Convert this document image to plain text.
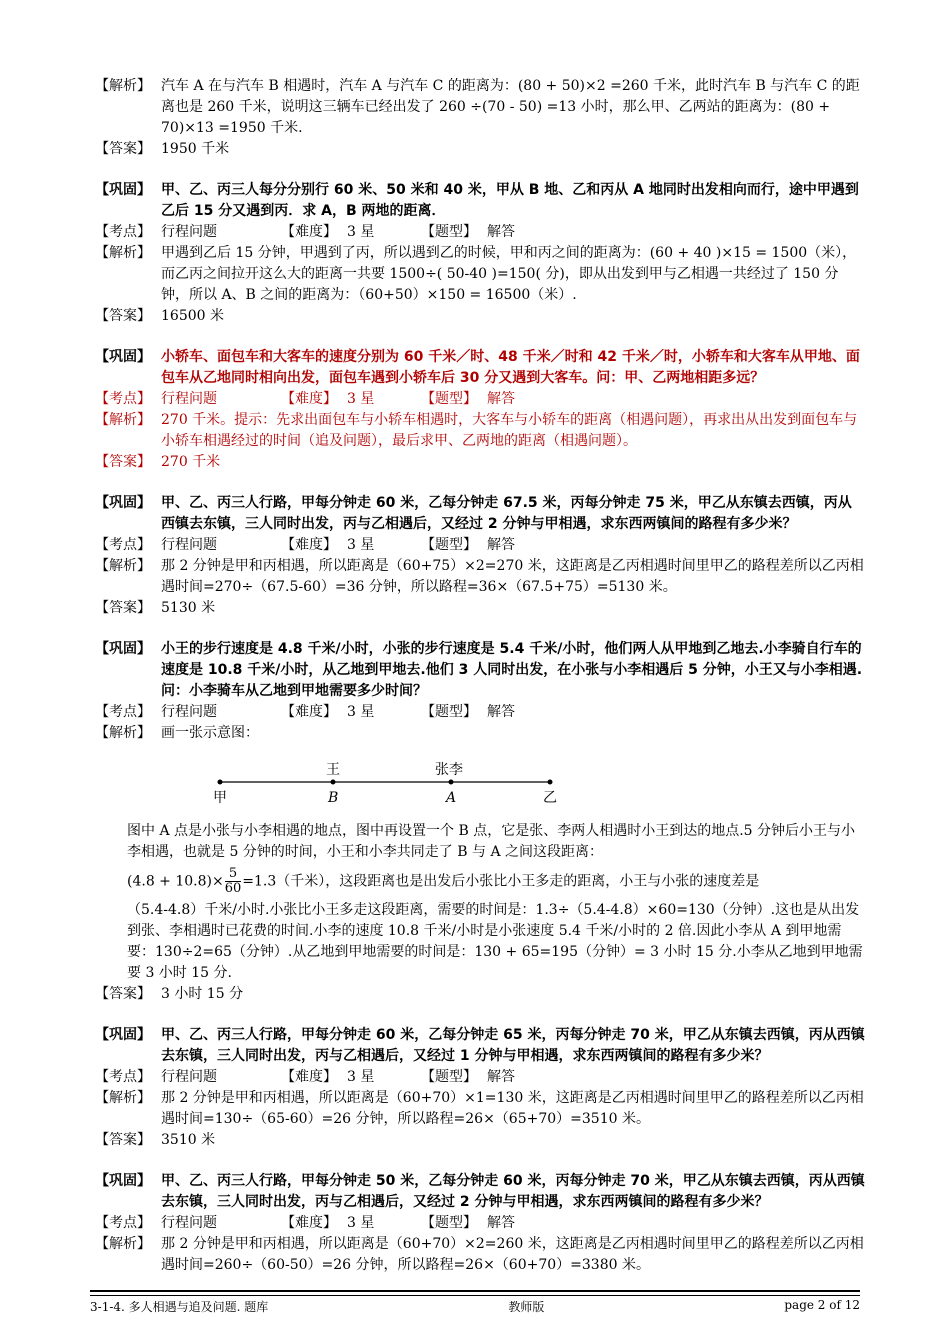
【解析】 汽车 A 在与汽车 B 相遇时，汽车 A 与汽车 C 的距离为：(80 + 50)×2 =260 千米，此时汽车 B 与汽车 C 的距离也是 260 千米，说明这三辆车已经出发了 260 ÷(70 - 50) =13 小时，那么甲、乙两站的距离为：(80 + 70)×13 =1950 千米.
【答案】 1950 千米
【巩固】 甲、乙、丙三人每分分别行 60 米、50 米和 40 米，甲从 B 地、乙和丙从 A 地同时出发相向而行，途中甲遇到乙后 15 分又遇到丙．求 A，B 两地的距离．
【考点】 行程问题	【难度】 3 星	【题型】 解答
【解析】 甲遇到乙后 15 分钟，甲遇到了丙，所以遇到乙的时候，甲和丙之间的距离为：(60 + 40 )×15 = 1500（米），而乙丙之间拉开这么大的距离一共要 1500÷( 50-40 )=150( 分)，即从出发到甲与乙相遇一共经过了 150 分钟，所以 A、B 之间的距离为：（60+50）×150 = 16500（米）.
【答案】 16500 米
【巩固】 小轿车、面包车和大客车的速度分别为 60 千米／时、48 千米／时和 42 千米／时，小轿车和大客车从甲地、面包车从乙地同时相向出发，面包车遇到小轿车后 30 分又遇到大客车。问：甲、乙两地相距多远？
【考点】 行程问题	【难度】 3 星	【题型】 解答
【解析】 270 千米。提示：先求出面包车与小轿车相遇时，大客车与小轿车的距离（相遇问题），再求出从出发到面包车与小轿车相遇经过的时间（追及问题），最后求甲、乙两地的距离（相遇问题）。
【答案】 270 千米
【巩固】 甲、乙、丙三人行路，甲每分钟走 60 米，乙每分钟走 67.5 米，丙每分钟走 75 米，甲乙从东镇去西镇，丙从西镇去东镇，三人同时出发，丙与乙相遇后，又经过 2 分钟与甲相遇，求东西两镇间的路程有多少米？
【考点】 行程问题	【难度】 3 星	【题型】 解答
【解析】 那 2 分钟是甲和丙相遇，所以距离是（60+75）×2=270 米，这距离是乙丙相遇时间里甲乙的路程差所以乙丙相遇时间=270÷（67.5-60）=36 分钟，所以路程=36×（67.5+75）=5130 米。
【答案】 5130 米
【巩固】 小王的步行速度是 4.8 千米/小时，小张的步行速度是 5.4 千米/小时，他们两人从甲地到乙地去.小李骑自行车的速度是 10.8 千米/小时，从乙地到甲地去.他们 3 人同时出发，在小张与小李相遇后 5 分钟，小王又与小李相遇.问：小李骑车从乙地到甲地需要多少时间？
【考点】 行程问题	【难度】 3 星	【题型】 解答
【解析】 画一张示意图：
王	张李
甲	B	A	乙
图中 A 点是小张与小李相遇的地点，图中再设置一个 B 点，它是张、李两人相遇时小王到达的地点.5 分钟后小王与小李相遇，也就是 5 分钟的时间，小王和小李共同走了 B 与 A 之间这段距离：
$(4.8 + 10.8)\times \frac{5}{60} =1.3$（千米），这段距离也是出发后小张比小王多走的距离，小王与小张的速度差是
（5.4-4.8）千米/小时.小张比小王多走这段距离，需要的时间是：1.3÷（5.4-4.8）×60=130（分钟）.这也是从出发到张、李相遇时已花费的时间.小李的速度 10.8 千米/小时是小张速度 5.4 千米/小时的 2 倍.因此小李从 A 到甲地需要：130÷2=65（分钟）.从乙地到甲地需要的时间是：130 + 65=195（分钟）= 3 小时 15 分.小李从乙地到甲地需要 3 小时 15 分.
【答案】 3 小时 15 分
【巩固】 甲、乙、丙三人行路，甲每分钟走 60 米，乙每分钟走 65 米，丙每分钟走 70 米，甲乙从东镇去西镇，丙从西镇去东镇，三人同时出发，丙与乙相遇后，又经过 1 分钟与甲相遇，求东西两镇间的路程有多少米？
【考点】 行程问题	【难度】 3 星	【题型】 解答
【解析】 那 2 分钟是甲和丙相遇，所以距离是（60+70）×1=130 米，这距离是乙丙相遇时间里甲乙的路程差所以乙丙相遇时间=130÷（65-60）=26 分钟，所以路程=26×（65+70）=3510 米。
【答案】 3510 米
【巩固】 甲、乙、丙三人行路，甲每分钟走 50 米，乙每分钟走 60 米，丙每分钟走 70 米，甲乙从东镇去西镇，丙从西镇去东镇，三人同时出发，丙与乙相遇后，又经过 2 分钟与甲相遇，求东西两镇间的路程有多少米？
【考点】 行程问题	【难度】 3 星	【题型】 解答
【解析】 那 2 分钟是甲和丙相遇，所以距离是（60+70）×2=260 米，这距离是乙丙相遇时间里甲乙的路程差所以乙丙相遇时间=260÷（60-50）=26 分钟，所以路程=26×（60+70）=3380 米。
3-1-4. 多人相遇与追及问题. 题库	教师版	page 2 of 12
